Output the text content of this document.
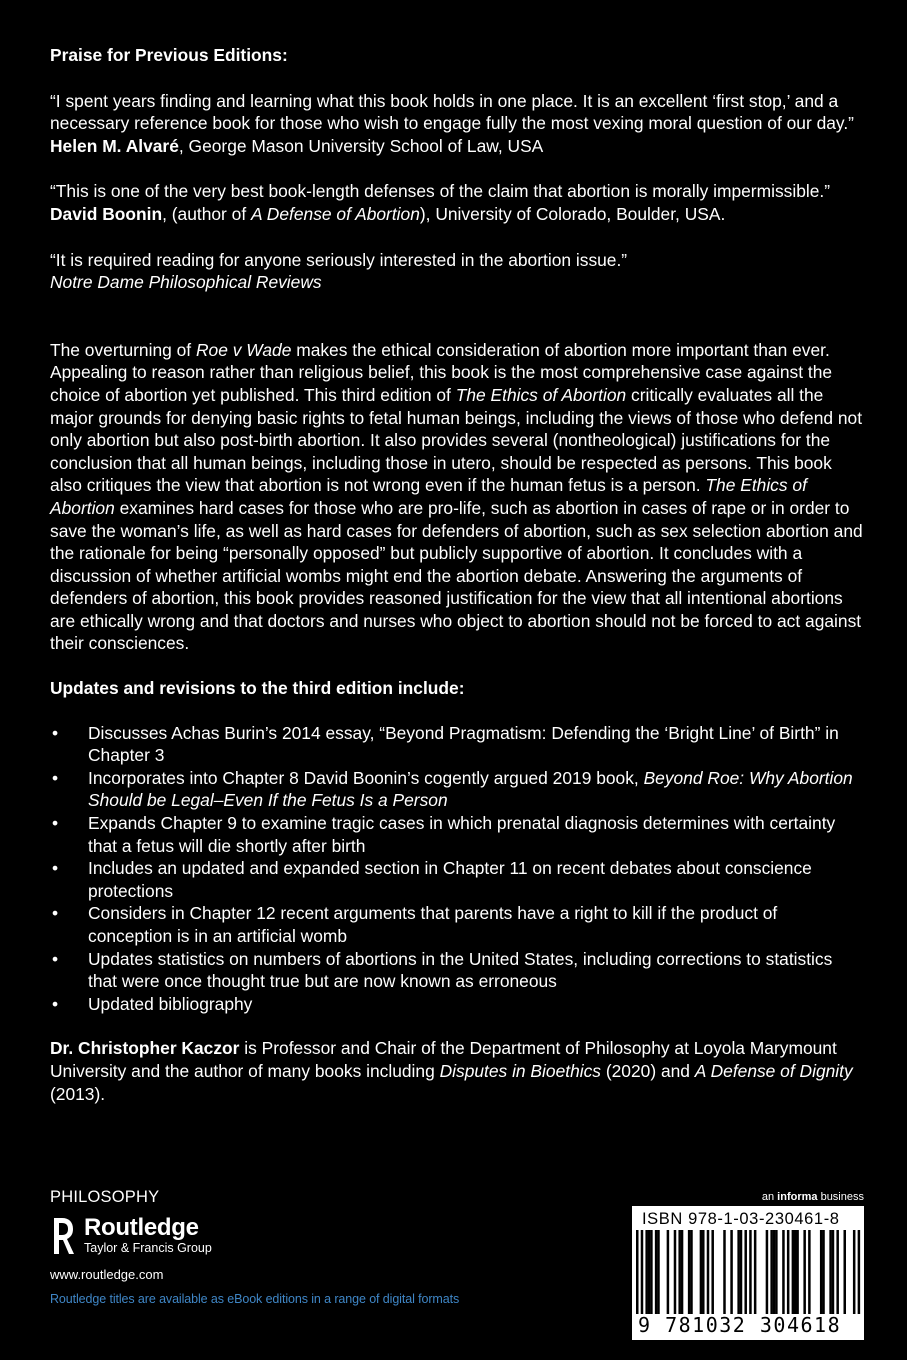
Praise for Previous Editions:

“I spent years finding and learning what this book holds in one place. It is an excellent ‘first stop,’ and a necessary reference book for those who wish to engage fully the most vexing moral question of our day.”

Helen M. Alvaré, George Mason University School of Law, USA

“This is one of the very best book-length defenses of the claim that abortion is morally impermissible.”

David Boonin, (author of A Defense of Abortion), University of Colorado, Boulder, USA.

“It is required reading for anyone seriously interested in the abortion issue.”

Notre Dame Philosophical Reviews

The overturning of Roe v Wade makes the ethical consideration of abortion more important than ever. Appealing to reason rather than religious belief, this book is the most comprehensive case against the choice of abortion yet published. This third edition of The Ethics of Abortion critically evaluates all the major grounds for denying basic rights to fetal human beings, including the views of those who defend not only abortion but also post-birth abortion. It also provides several (nontheological) justifications for the conclusion that all human beings, including those in utero, should be respected as persons. This book also critiques the view that abortion is not wrong even if the human fetus is a person. The Ethics of Abortion examines hard cases for those who are pro-life, such as abortion in cases of rape or in order to save the woman’s life, as well as hard cases for defenders of abortion, such as sex selection abortion and the rationale for being “personally opposed” but publicly supportive of abortion. It concludes with a discussion of whether artificial wombs might end the abortion debate. Answering the arguments of defenders of abortion, this book provides reasoned justification for the view that all intentional abortions are ethically wrong and that doctors and nurses who object to abortion should not be forced to act against their consciences.

Updates and revisions to the third edition include:

• Discusses Achas Burin’s 2014 essay, “Beyond Pragmatism: Defending the ‘Bright Line’ of Birth” in Chapter 3
• Incorporates into Chapter 8 David Boonin’s cogently argued 2019 book, Beyond Roe: Why Abortion Should be Legal–Even If the Fetus Is a Person
• Expands Chapter 9 to examine tragic cases in which prenatal diagnosis determines with certainty that a fetus will die shortly after birth
• Includes an updated and expanded section in Chapter 11 on recent debates about conscience protections
• Considers in Chapter 12 recent arguments that parents have a right to kill if the product of conception is in an artificial womb
• Updates statistics on numbers of abortions in the United States, including corrections to statistics that were once thought true but are now known as erroneous
• Updated bibliography

Dr. Christopher Kaczor is Professor and Chair of the Department of Philosophy at Loyola Marymount University and the author of many books including Disputes in Bioethics (2020) and A Defense of Dignity (2013).

PHILOSOPHY
ROUTLEDGE Routledge
Taylor & Francis Group
www.routledge.com
Routledge titles are available as eBook editions in a range of digital formats
an informa business
ISBN 978-1-03-230461-8
9 781032 304618
